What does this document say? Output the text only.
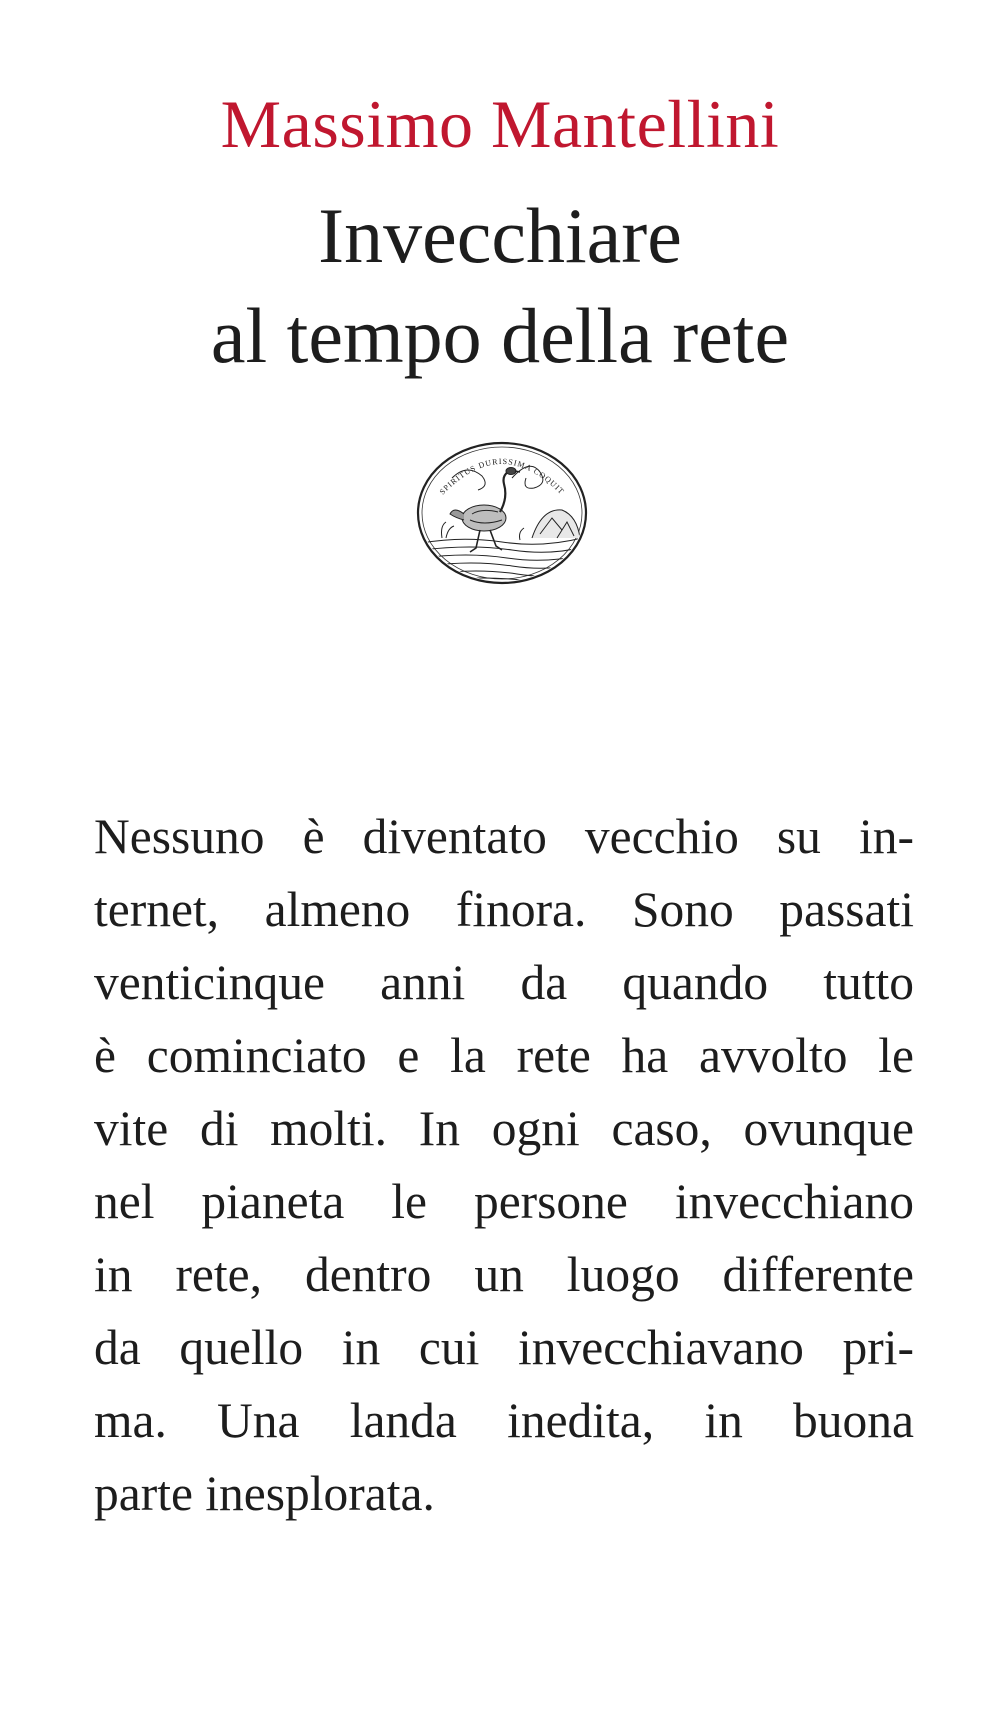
Massimo Mantellini
Invecchiare
al tempo della rete
SPIRITUS DURISSIMA COQUIT
Nessuno è diventato vecchio su in-
ternet, almeno finora. Sono passati
venticinque anni da quando tutto
è cominciato e la rete ha avvolto le
vite di molti. In ogni caso, ovunque
nel pianeta le persone invecchiano
in rete, dentro un luogo differente
da quello in cui invecchiavano pri-
ma. Una landa inedita, in buona
parte inesplorata.
